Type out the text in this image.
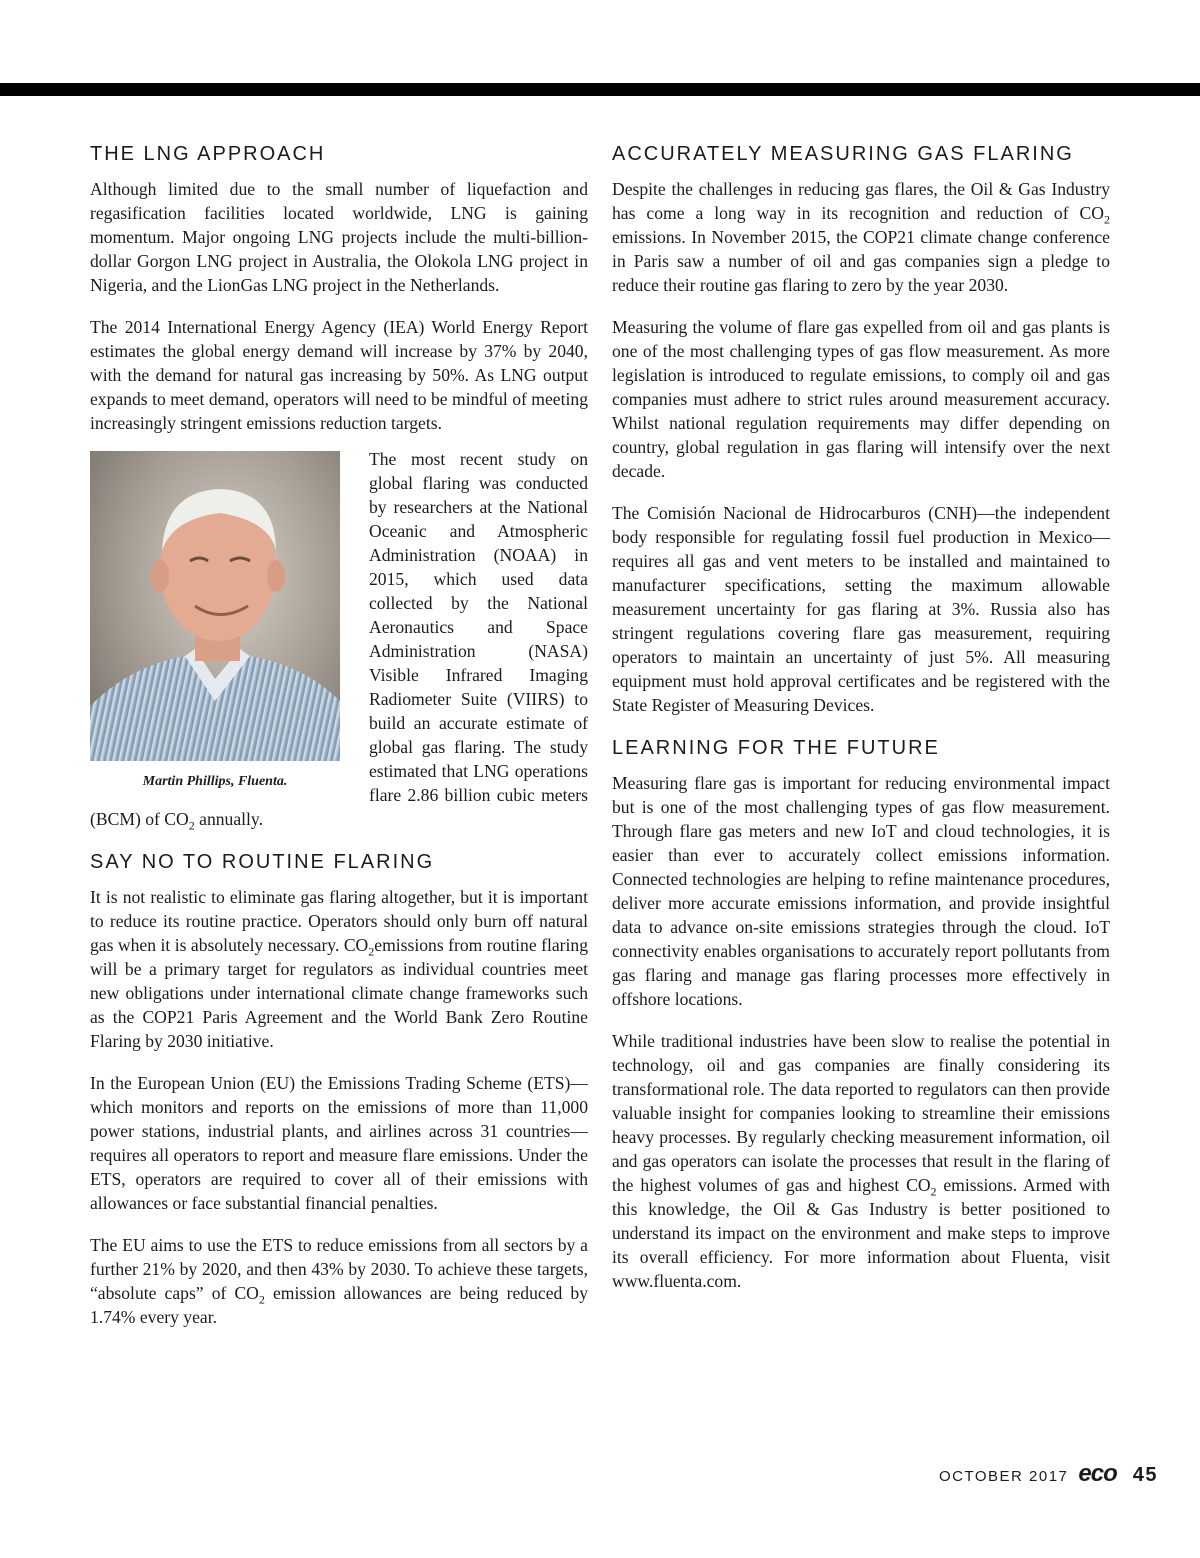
THE LNG APPROACH

Although limited due to the small number of liquefaction and regasification facilities located worldwide, LNG is gaining momentum. Major ongoing LNG projects include the multi-billion-dollar Gorgon LNG project in Australia, the Olokola LNG project in Nigeria, and the LionGas LNG project in the Netherlands.

The 2014 International Energy Agency (IEA) World Energy Report estimates the global energy demand will increase by 37% by 2040, with the demand for natural gas increasing by 50%. As LNG output expands to meet demand, operators will need to be mindful of meeting increasingly stringent emissions reduction targets.

Martin Phillips, Fluenta.
The most recent study on global flaring was conducted by researchers at the National Oceanic and Atmospheric Administration (NOAA) in 2015, which used data collected by the National Aeronautics and Space Administration (NASA) Visible Infrared Imaging Radiometer Suite (VIIRS) to build an accurate estimate of global gas flaring. The study estimated that LNG operations flare 2.86 billion cubic meters (BCM) of $CO_2$ annually.

SAY NO TO ROUTINE FLARING

It is not realistic to eliminate gas flaring altogether, but it is important to reduce its routine practice. Operators should only burn off natural gas when it is absolutely necessary. $CO_2emissions$ from routine flaring will be a primary target for regulators as individual countries meet new obligations under international climate change frameworks such as the COP21 Paris Agreement and the World Bank Zero Routine Flaring by 2030 initiative.

In the European Union (EU) the Emissions Trading Scheme (ETS)—which monitors and reports on the emissions of more than 11,000 power stations, industrial plants, and airlines across 31 countries—requires all operators to report and measure flare emissions. Under the ETS, operators are required to cover all of their emissions with allowances or face substantial financial penalties.

The EU aims to use the ETS to reduce emissions from all sectors by a further 21% by 2020, and then 43% by 2030. To achieve these targets, “absolute caps” of $CO_2$ emission allowances are being reduced by 1.74% every year.

ACCURATELY MEASURING GAS FLARING

Despite the challenges in reducing gas flares, the Oil & Gas Industry has come a long way in its recognition and reduction of $CO_2$ emissions. In November 2015, the COP21 climate change conference in Paris saw a number of oil and gas companies sign a pledge to reduce their routine gas flaring to zero by the year 2030.

Measuring the volume of flare gas expelled from oil and gas plants is one of the most challenging types of gas flow measurement. As more legislation is introduced to regulate emissions, to comply oil and gas companies must adhere to strict rules around measurement accuracy. Whilst national regulation requirements may differ depending on country, global regulation in gas flaring will intensify over the next decade.

The Comisión Nacional de Hidrocarburos (CNH)—the independent body responsible for regulating fossil fuel production in Mexico—requires all gas and vent meters to be installed and maintained to manufacturer specifications, setting the maximum allowable measurement uncertainty for gas flaring at 3%. Russia also has stringent regulations covering flare gas measurement, requiring operators to maintain an uncertainty of just 5%. All measuring equipment must hold approval certificates and be registered with the State Register of Measuring Devices.

LEARNING FOR THE FUTURE

Measuring flare gas is important for reducing environmental impact but is one of the most challenging types of gas flow measurement. Through flare gas meters and new IoT and cloud technologies, it is easier than ever to accurately collect emissions information. Connected technologies are helping to refine maintenance procedures, deliver more accurate emissions information, and provide insightful data to advance on-site emissions strategies through the cloud. IoT connectivity enables organisations to accurately report pollutants from gas flaring and manage gas flaring processes more effectively in offshore locations.

While traditional industries have been slow to realise the potential in technology, oil and gas companies are finally considering its transformational role. The data reported to regulators can then provide valuable insight for companies looking to streamline their emissions heavy processes. By regularly checking measurement information, oil and gas operators can isolate the processes that result in the flaring of the highest volumes of gas and highest $CO_2$ emissions. Armed with this knowledge, the Oil & Gas Industry is better positioned to understand its impact on the environment and make steps to improve its overall efficiency. For more information about Fluenta, visit www.fluenta.com.

OCTOBER 2017 eco 45
